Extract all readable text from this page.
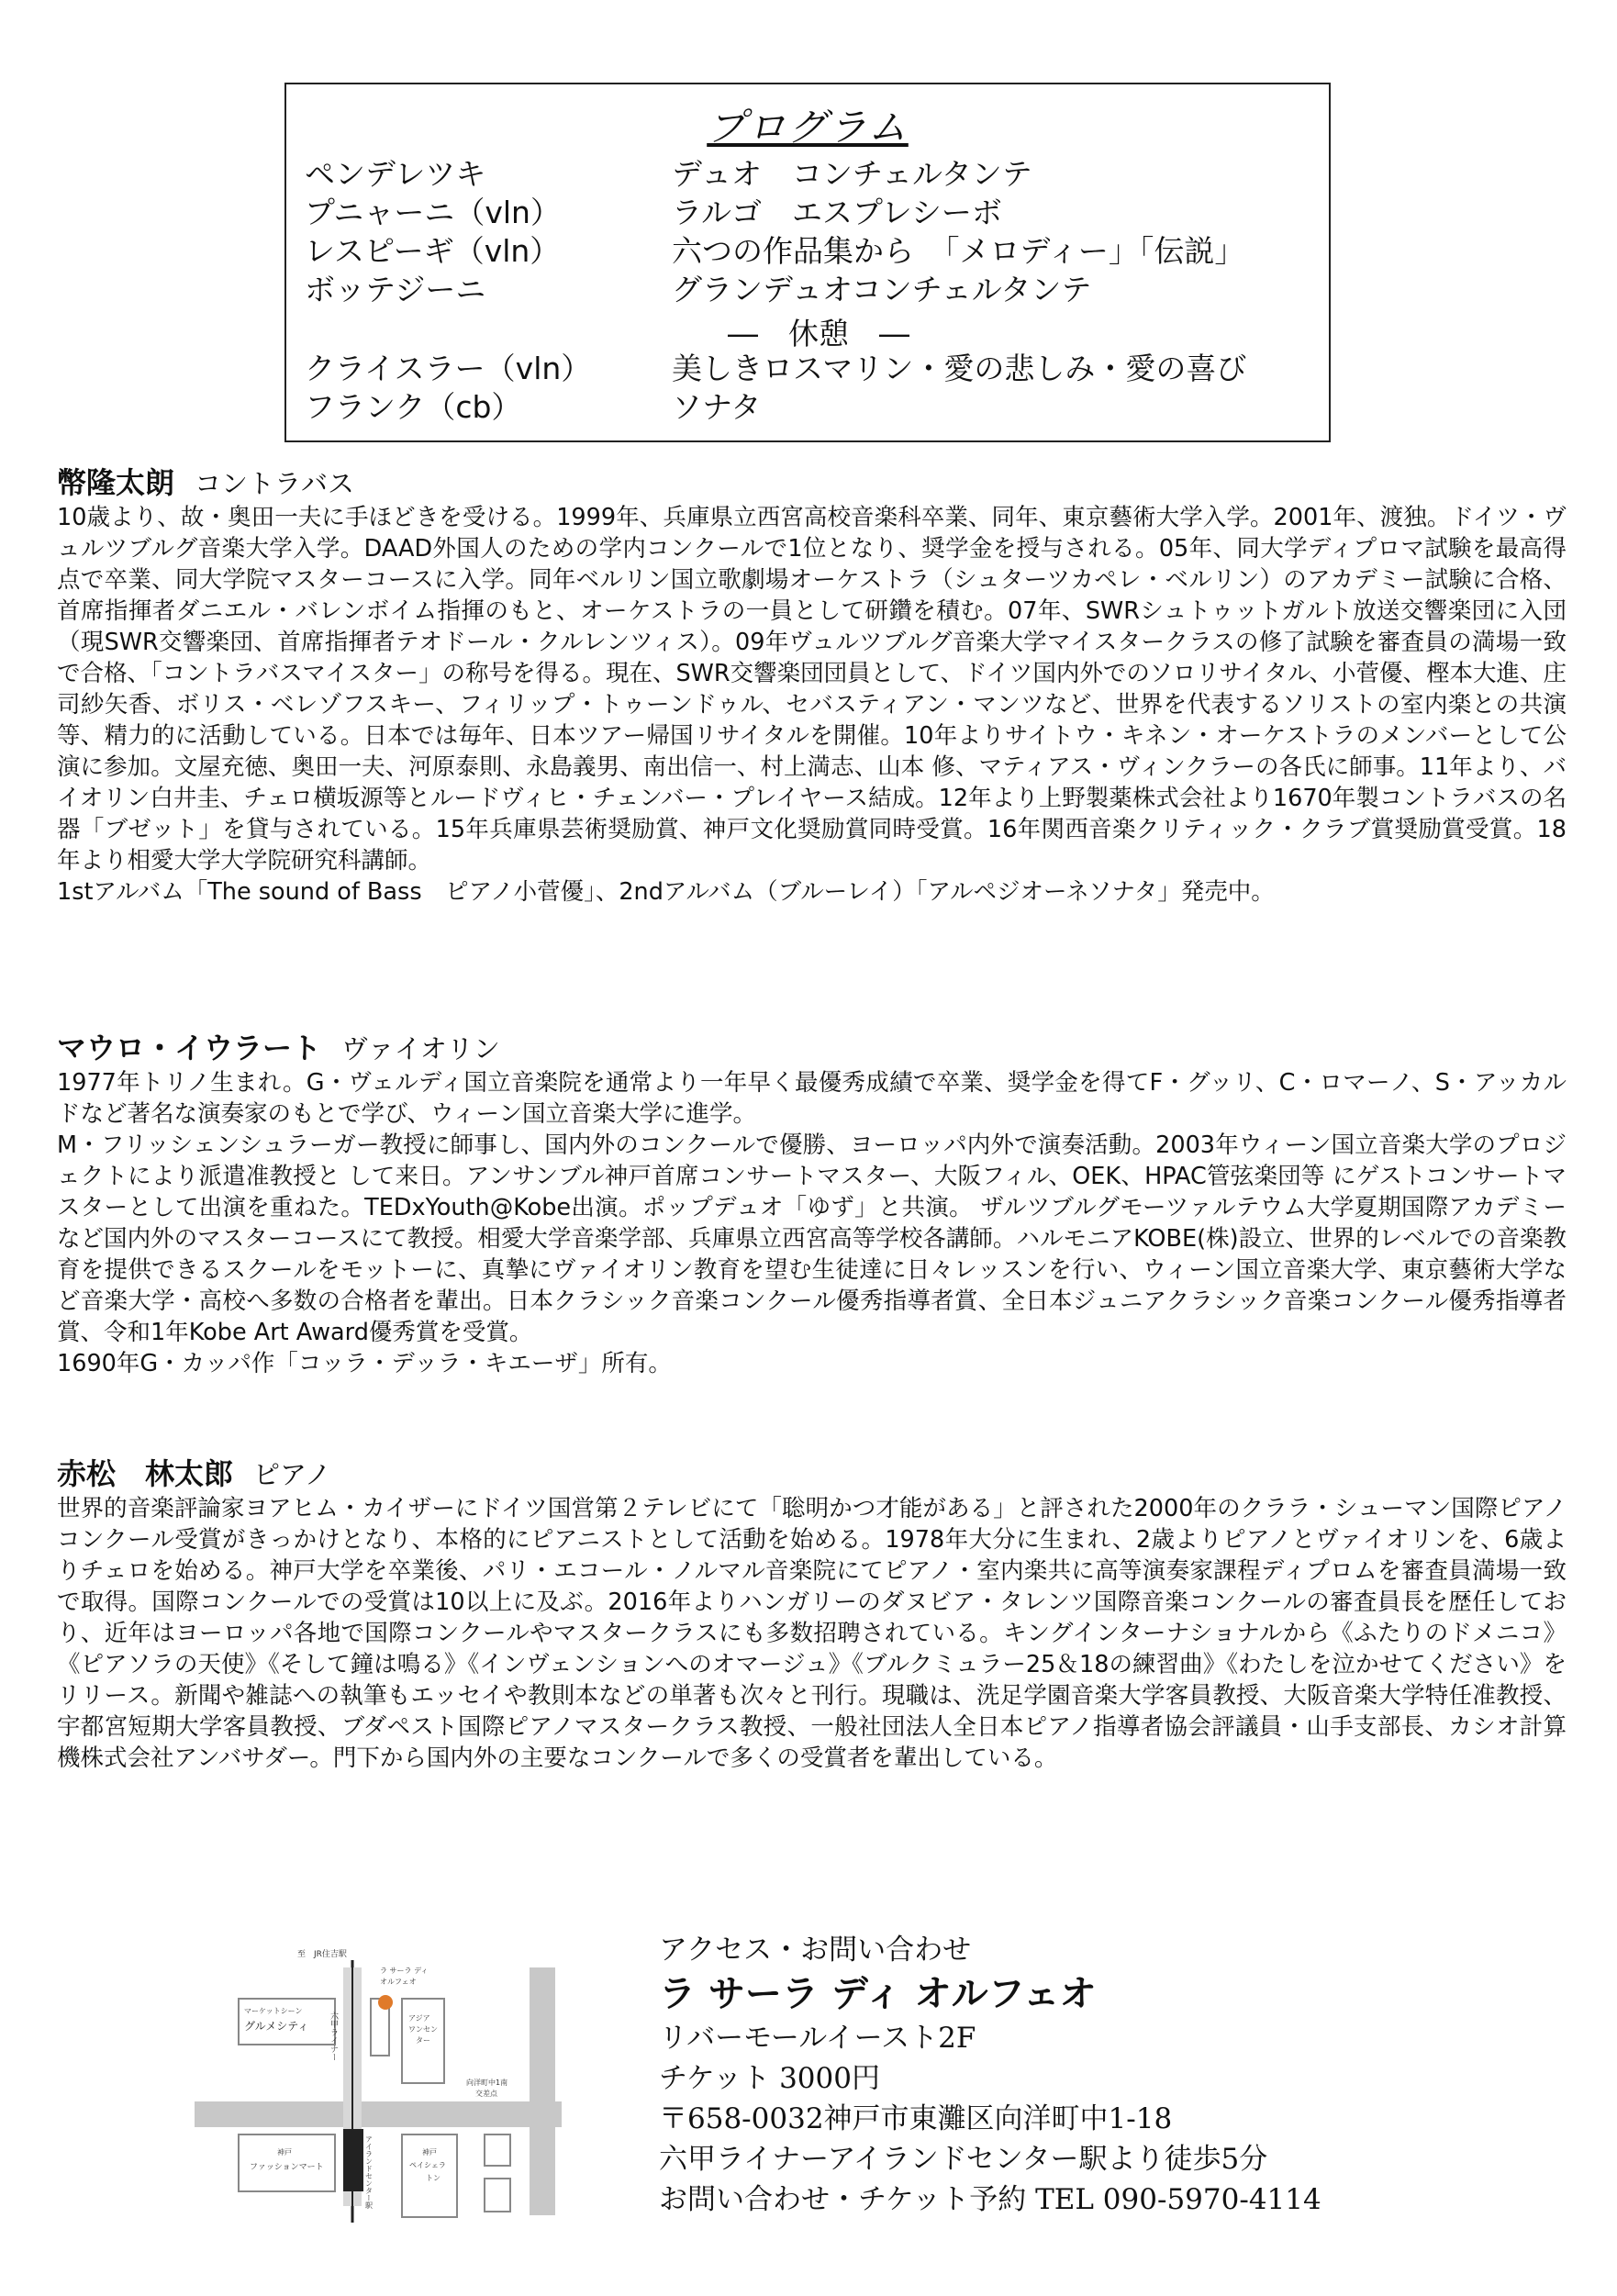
プログラム
ペンデレツキ	デュオ　コンチェルタンテ
プニャーニ（vln）	ラルゴ　エスプレシーボ
レスピーギ（vln）	六つの作品集から　「メロディー」「伝説」
ボッテジーニ	グランデュオコンチェルタンテ
―　休憩　―
クライスラー（vln）	美しきロスマリン・愛の悲しみ・愛の喜び
フランク（cb）	ソナタ
幣隆太朗 コントラバス

10歳より、故・奥田一夫に手ほどきを受ける。1999年、兵庫県立西宮高校音楽科卒業、同年、東京藝術大学入学。2001年、渡独。ドイツ・ヴュルツブルグ音楽大学入学。DAAD外国人のための学内コンクールで1位となり、奨学金を授与される。05年、同大学ディプロマ試験を最高得点で卒業、同大学院マスターコースに入学。同年ベルリン国立歌劇場オーケストラ（シュターツカペレ・ベルリン）のアカデミー試験に合格、首席指揮者ダニエル・バレンボイム指揮のもと、オーケストラの一員として研鑽を積む。07年、SWRシュトゥットガルト放送交響楽団に入団（現SWR交響楽団、首席指揮者テオドール・クルレンツィス）。09年ヴュルツブルグ音楽大学マイスタークラスの修了試験を審査員の満場一致で合格、「コントラバスマイスター」の称号を得る。現在、SWR交響楽団団員として、ドイツ国内外でのソロリサイタル、小菅優、樫本大進、庄司紗矢香、ボリス・ベレゾフスキー、フィリップ・トゥーンドゥル、セバスティアン・マンツなど、世界を代表するソリストの室内楽との共演等、精力的に活動している。日本では毎年、日本ツアー帰国リサイタルを開催。10年よりサイトウ・キネン・オーケストラのメンバーとして公演に参加。文屋充徳、奥田一夫、河原泰則、永島義男、南出信一、村上満志、山本 修、マティアス・ヴィンクラーの各氏に師事。11年より、バイオリン白井圭、チェロ横坂源等とルードヴィヒ・チェンバー・プレイヤース結成。12年より上野製薬株式会社より1670年製コントラバスの名器「ブゼット」を貸与されている。15年兵庫県芸術奨励賞、神戸文化奨励賞同時受賞。16年関西音楽クリティック・クラブ賞奨励賞受賞。18年より相愛大学大学院研究科講師。

1stアルバム「The sound of Bass　ピアノ小菅優」、2ndアルバム（ブルーレイ）「アルペジオーネソナタ」発売中。

マウロ・イウラート ヴァイオリン

1977年トリノ生まれ。G・ヴェルディ国立音楽院を通常より一年早く最優秀成績で卒業、奨学金を得てF・グッリ、C・ロマーノ、S・アッカルドなど著名な演奏家のもとで学び、ウィーン国立音楽大学に進学。

M・フリッシェンシュラーガー教授に師事し、国内外のコンクールで優勝、ヨーロッパ内外で演奏活動。2003年ウィーン国立音楽大学のプロジェクトにより派遣准教授と して来日。アンサンブル神戸首席コンサートマスター、大阪フィル、OEK、HPAC管弦楽団等 にゲストコンサートマスターとして出演を重ねた。TEDxYouth@Kobe出演。ポップデュオ「ゆず」と共演。 ザルツブルグモーツァルテウム大学夏期国際アカデミーなど国内外のマスターコースにて教授。相愛大学音楽学部、兵庫県立西宮高等学校各講師。ハルモニアKOBE(株)設立、世界的レベルでの音楽教育を提供できるスクールをモットーに、真摯にヴァイオリン教育を望む生徒達に日々レッスンを行い、ウィーン国立音楽大学、東京藝術大学など音楽大学・高校へ多数の合格者を輩出。日本クラシック音楽コンクール優秀指導者賞、全日本ジュニアクラシック音楽コンクール優秀指導者賞、令和1年Kobe Art Award優秀賞を受賞。

1690年G・カッパ作「コッラ・デッラ・キエーザ」所有。

赤松　林太郎 ピアノ

世界的音楽評論家ヨアヒム・カイザーにドイツ国営第２テレビにて「聡明かつ才能がある」と評された2000年のクララ・シューマン国際ピアノコンクール受賞がきっかけとなり、本格的にピアニストとして活動を始める。1978年大分に生まれ、2歳よりピアノとヴァイオリンを、6歳よりチェロを始める。神戸大学を卒業後、パリ・エコール・ノルマル音楽院にてピアノ・室内楽共に高等演奏家課程ディプロムを審査員満場一致で取得。国際コンクールでの受賞は10以上に及ぶ。2016年よりハンガリーのダヌビア・タレンツ国際音楽コンクールの審査員長を歴任しており、近年はヨーロッパ各地で国際コンクールやマスタークラスにも多数招聘されている。キングインターナショナルから《ふたりのドメニコ》《ピアソラの天使》《そして鐘は鳴る》《インヴェンションへのオマージュ》《ブルクミュラー25＆18の練習曲》《わたしを泣かせてください》をリリース。新聞や雑誌への執筆もエッセイや教則本などの単著も次々と刊行。現職は、洗足学園音楽大学客員教授、大阪音楽大学特任准教授、宇都宮短期大学客員教授、ブダペスト国際ピアノマスタークラス教授、一般社団法人全日本ピアノ指導者協会評議員・山手支部長、カシオ計算機株式会社アンバサダー。門下から国内外の主要なコンクールで多くの受賞者を輩出している。

至　JR住吉駅
マーケットシーン
グルメシティ 六甲ライナー
ラ サーラ ディ
オルフェオ
アジア
ワンセン
ター
向洋町中1南
交差点
神戸
ファッションマート	アイランドセンター駅	神戸
ペイシェラ
トン
アクセス・お問い合わせ
ラ サーラ ディ オルフェオ
リバーモールイースト2F
チケット 3000円
〒658-0032神戸市東灘区向洋町中1-18
六甲ライナーアイランドセンター駅より徒歩5分
お問い合わせ・チケット予約 TEL 090-5970-4114
